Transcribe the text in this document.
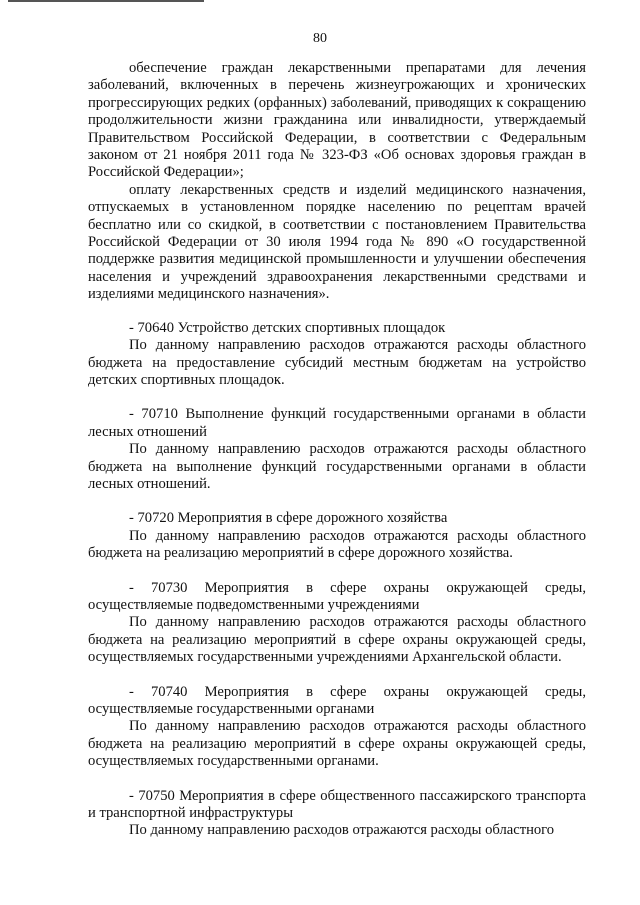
80

обеспечение граждан лекарственными препаратами для лечения заболеваний, включенных в перечень жизнеугрожающих и хронических прогрессирующих редких (орфанных) заболеваний, приводящих к сокращению продолжительности жизни гражданина или инвалидности, утверждаемый Правительством Российской Федерации, в соответствии с Федеральным законом от 21 ноября 2011 года № 323-ФЗ «Об основах здоровья граждан в Российской Федерации»;

оплату лекарственных средств и изделий медицинского назначения, отпускаемых в установленном порядке населению по рецептам врачей бесплатно или со скидкой, в соответствии с постановлением Правительства Российской Федерации от 30 июля 1994 года № 890 «О государственной поддержке развития медицинской промышленности и улучшении обеспечения населения и учреждений здравоохранения лекарственными средствами и изделиями медицинского назначения».

- 70640 Устройство детских спортивных площадок

По данному направлению расходов отражаются расходы областного бюджета на предоставление субсидий местным бюджетам на устройство детских спортивных площадок.

- 70710 Выполнение функций государственными органами в области лесных отношений

По данному направлению расходов отражаются расходы областного бюджета на выполнение функций государственными органами в области лесных отношений.

- 70720 Мероприятия в сфере дорожного хозяйства

По данному направлению расходов отражаются расходы областного бюджета на реализацию мероприятий в сфере дорожного хозяйства.

- 70730 Мероприятия в сфере охраны окружающей среды, осуществляемые подведомственными учреждениями

По данному направлению расходов отражаются расходы областного бюджета на реализацию мероприятий в сфере охраны окружающей среды, осуществляемых государственными учреждениями Архангельской области.

- 70740 Мероприятия в сфере охраны окружающей среды, осуществляемые государственными органами

По данному направлению расходов отражаются расходы областного бюджета на реализацию мероприятий в сфере охраны окружающей среды, осуществляемых государственными органами.

- 70750 Мероприятия в сфере общественного пассажирского транспорта и транспортной инфраструктуры

По данному направлению расходов отражаются расходы областного
